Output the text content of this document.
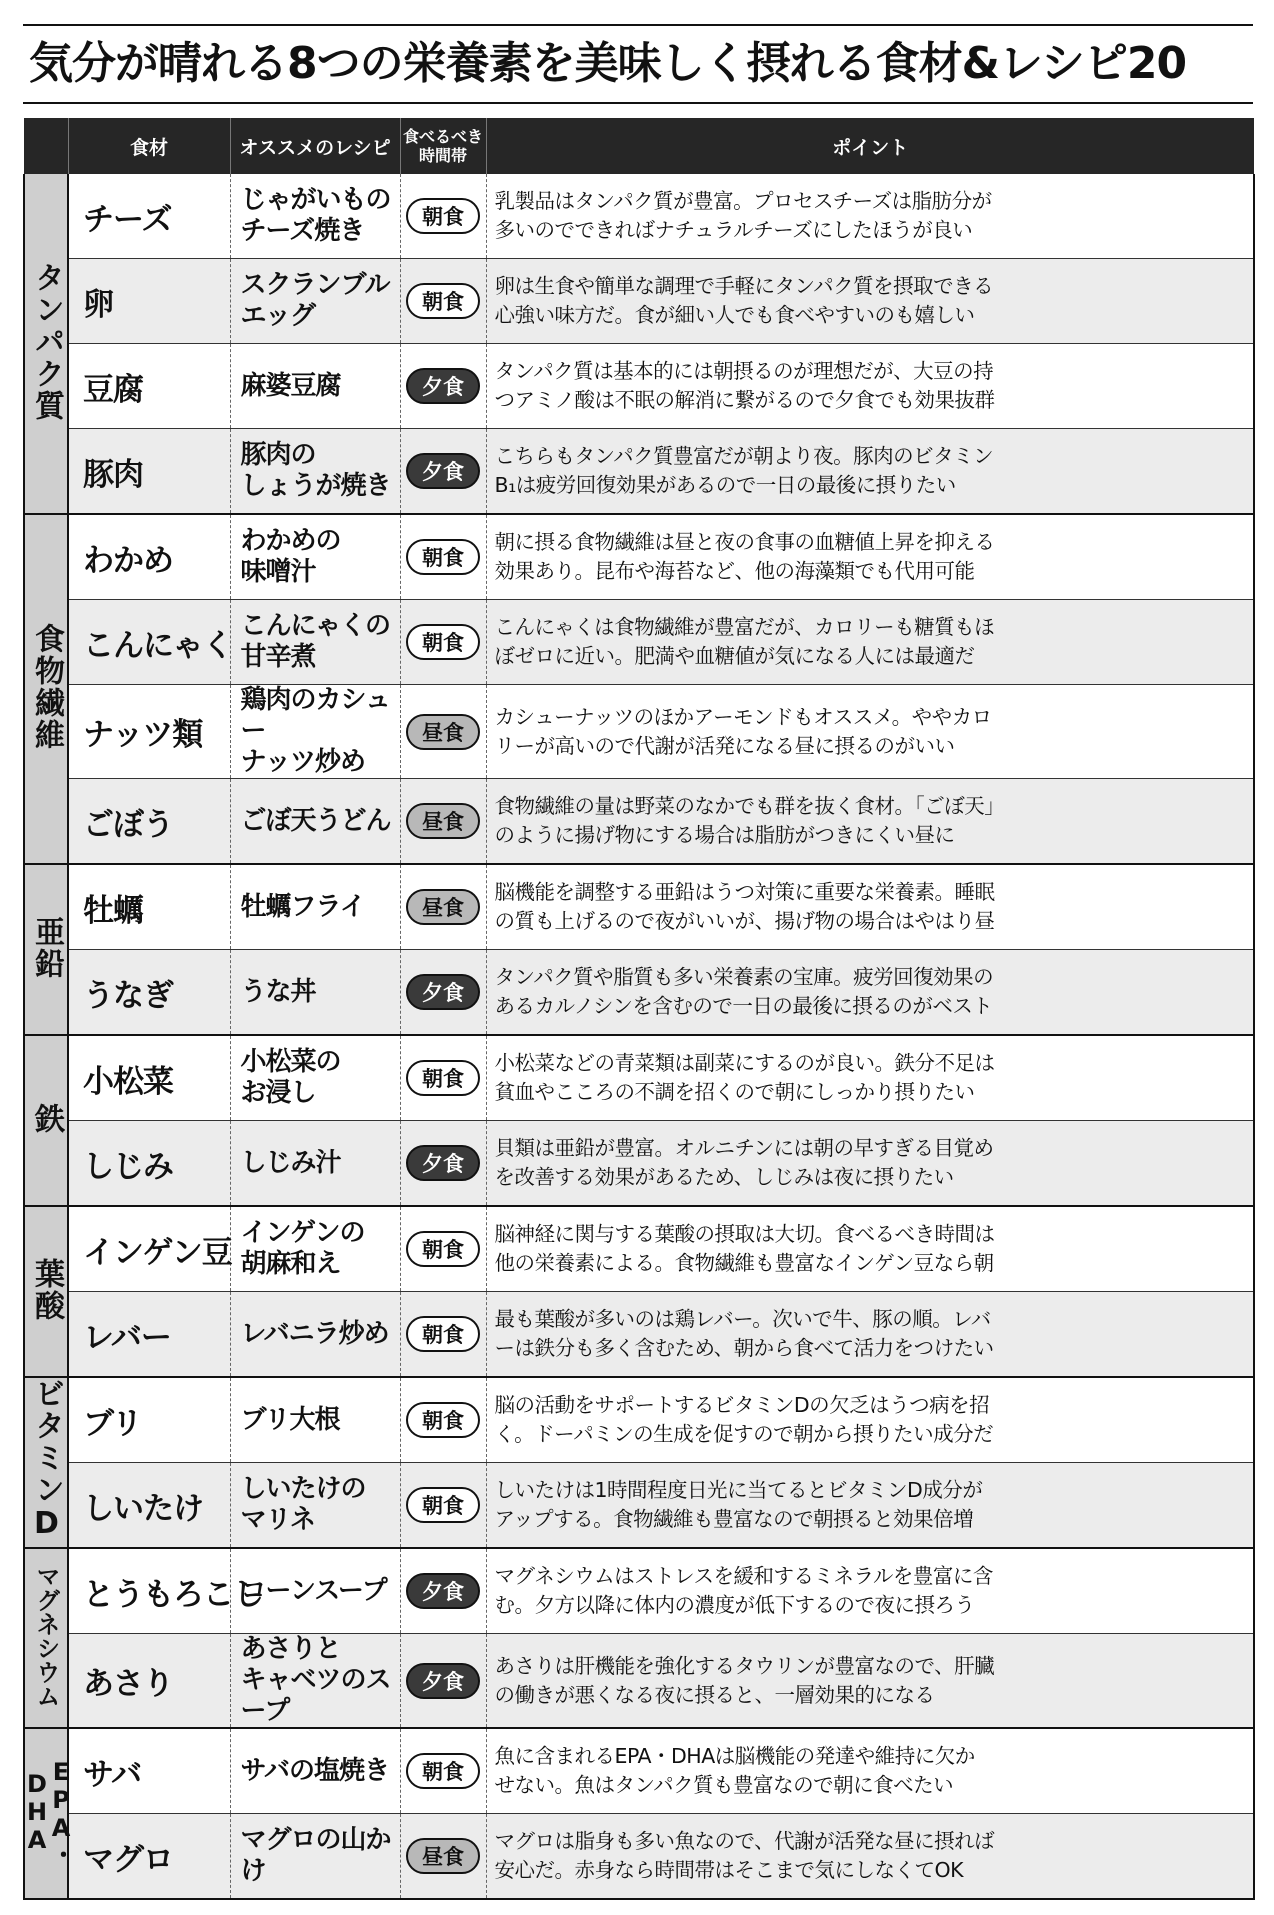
気分が晴れる8つの栄養素を美味しく摂れる食材&レシピ20
	食材	オススメのレシピ	食べるべき
時間帯	ポイント
タンパク質	チーズ	じゃがいもの
チーズ焼き	朝食	乳製品はタンパク質が豊富。プロセスチーズは脂肪分が
多いのでできればナチュラルチーズにしたほうが良い

	卵	スクランブル
エッグ	朝食	卵は生食や簡単な調理で手軽にタンパク質を摂取できる
心強い味方だ。食が細い人でも食べやすいのも嬉しい

	豆腐	麻婆豆腐	夕食	タンパク質は基本的には朝摂るのが理想だが、大豆の持
つアミノ酸は不眠の解消に繋がるので夕食でも効果抜群

	豚肉	豚肉の
しょうが焼き	夕食	こちらもタンパク質豊富だが朝より夜。豚肉のビタミン
B₁は疲労回復効果があるので一日の最後に摂りたい

食物繊維	わかめ	わかめの
味噌汁	朝食	朝に摂る食物繊維は昼と夜の食事の血糖値上昇を抑える
効果あり。昆布や海苔など、他の海藻類でも代用可能

	こんにゃく	こんにゃくの
甘辛煮	朝食	こんにゃくは食物繊維が豊富だが、カロリーも糖質もほ
ぼゼロに近い。肥満や血糖値が気になる人には最適だ

	ナッツ類	鶏肉のカシュー
ナッツ炒め	昼食	カシューナッツのほかアーモンドもオススメ。ややカロ
リーが高いので代謝が活発になる昼に摂るのがいい

	ごぼう	ごぼ天うどん	昼食	食物繊維の量は野菜のなかでも群を抜く食材。「ごぼ天」
のように揚げ物にする場合は脂肪がつきにくい昼に

亜鉛	牡蠣	牡蠣フライ	昼食	脳機能を調整する亜鉛はうつ対策に重要な栄養素。睡眠
の質も上げるので夜がいいが、揚げ物の場合はやはり昼

	うなぎ	うな丼	夕食	タンパク質や脂質も多い栄養素の宝庫。疲労回復効果の
あるカルノシンを含むので一日の最後に摂るのがベスト

鉄	小松菜	小松菜の
お浸し	朝食	小松菜などの青菜類は副菜にするのが良い。鉄分不足は
貧血やこころの不調を招くので朝にしっかり摂りたい

	しじみ	しじみ汁	夕食	貝類は亜鉛が豊富。オルニチンには朝の早すぎる目覚め
を改善する効果があるため、しじみは夜に摂りたい

葉酸	インゲン豆	インゲンの
胡麻和え	朝食	脳神経に関与する葉酸の摂取は大切。食べるべき時間は
他の栄養素による。食物繊維も豊富なインゲン豆なら朝

	レバー	レバニラ炒め	朝食	最も葉酸が多いのは鶏レバー。次いで牛、豚の順。レバ
ーは鉄分も多く含むため、朝から食べて活力をつけたい

ビタミンD	ブリ	ブリ大根	朝食	脳の活動をサポートするビタミンDの欠乏はうつ病を招
く。ドーパミンの生成を促すので朝から摂りたい成分だ

	しいたけ	しいたけの
マリネ	朝食	しいたけは1時間程度日光に当てるとビタミンD成分が
アップする。食物繊維も豊富なので朝摂ると効果倍増

マグネシウム	とうもろこし	コーンスープ	夕食	マグネシウムはストレスを緩和するミネラルを豊富に含
む。夕方以降に体内の濃度が低下するので夜に摂ろう

	あさり	あさりと
キャベツのスープ	夕食	あさりは肝機能を強化するタウリンが豊富なので、肝臓
の働きが悪くなる夜に摂ると、一層効果的になる

EPA・DHA	サバ	サバの塩焼き	朝食	魚に含まれるEPA・DHAは脳機能の発達や維持に欠か
せない。魚はタンパク質も豊富なので朝に食べたい

	マグロ	マグロの山かけ	昼食	マグロは脂身も多い魚なので、代謝が活発な昼に摂れば
安心だ。赤身なら時間帯はそこまで気にしなくてOK
